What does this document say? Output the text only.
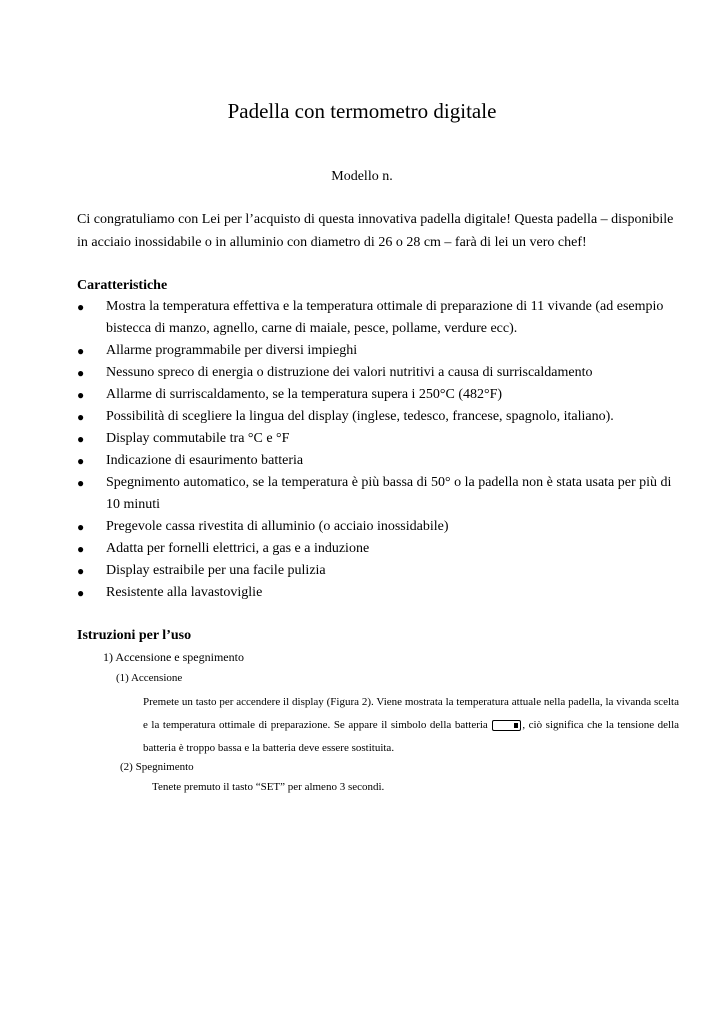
Padella con termometro digitale
Modello n.

Ci congratuliamo con Lei per l’acquisto di questa innovativa padella digitale! Questa padella – disponibile in acciaio inossidabile o in alluminio con diametro di 26 o 28 cm – farà di lei un vero chef!

Caratteristiche
● Mostra la temperatura effettiva e la temperatura ottimale di preparazione di 11 vivande (ad esempio bistecca di manzo, agnello, carne di maiale, pesce, pollame, verdure ecc).
● Allarme programmabile per diversi impieghi
● Nessuno spreco di energia o distruzione dei valori nutritivi a causa di surriscaldamento
● Allarme di surriscaldamento, se la temperatura supera i 250°C (482°F)
● Possibilità di scegliere la lingua del display (inglese, tedesco, francese, spagnolo, italiano).
● Display commutabile tra °C e °F
● Indicazione di esaurimento batteria
● Spegnimento automatico, se la temperatura è più bassa di 50° o la padella non è stata usata per più di 10 minuti
● Pregevole cassa rivestita di alluminio (o acciaio inossidabile)
● Adatta per fornelli elettrici, a gas e a induzione
● Display estraibile per una facile pulizia
● Resistente alla lavastoviglie
Istruzioni per l’uso
1) Accensione e spegnimento
(1) Accensione
Premete un tasto per accendere il display (Figura 2). Viene mostrata la temperatura attuale nella padella, la vivanda scelta e la temperatura ottimale di preparazione. Se appare il simbolo della batteria	, ciò significa che la tensione della batteria è troppo bassa e la batteria deve essere sostituita.
(2) Spegnimento
Tenete premuto il tasto “SET” per almeno 3 secondi.
